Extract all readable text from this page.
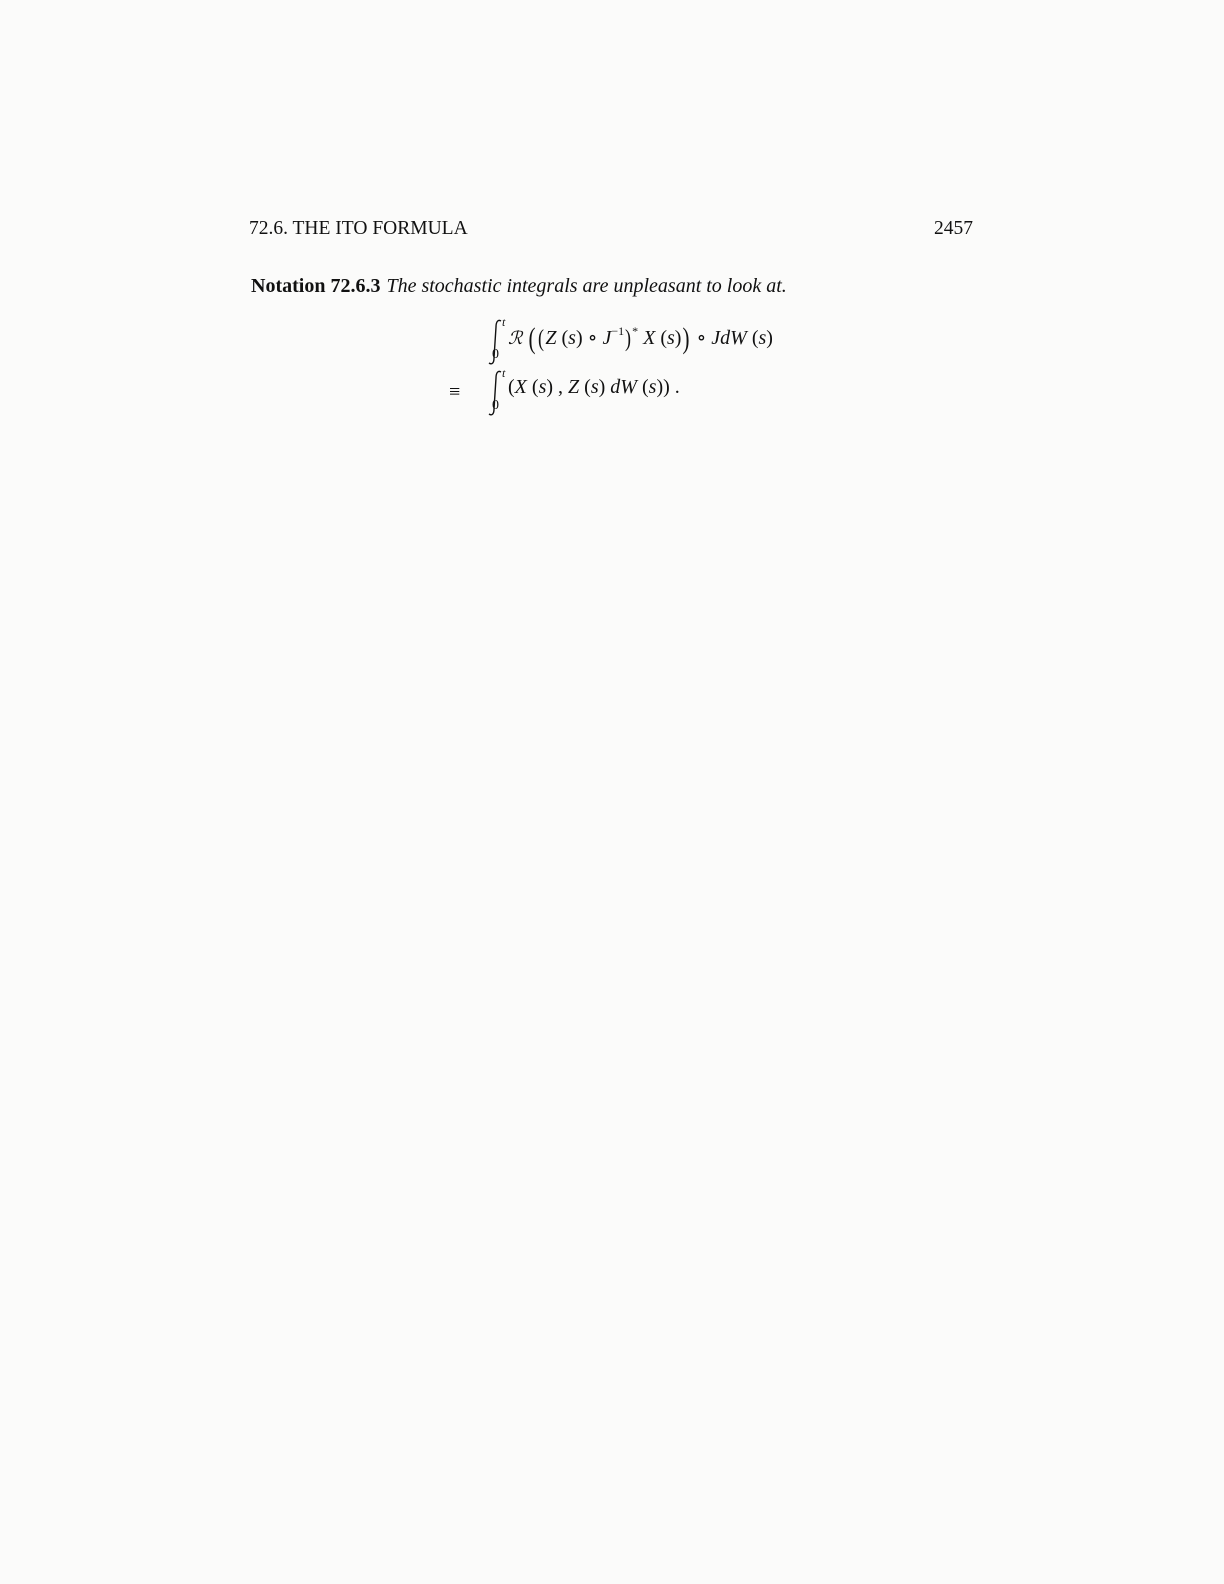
72.6. THE ITO FORMULA	2457
Notation 72.6.3 The stochastic integrals are unpleasant to look at.
t
0
ℛ ( (Z (s) ∘ $J^{-1})^*$ X (s)) ∘ JdW (s)
≡
t
0
(X (s) , Z (s) dW (s)) .
